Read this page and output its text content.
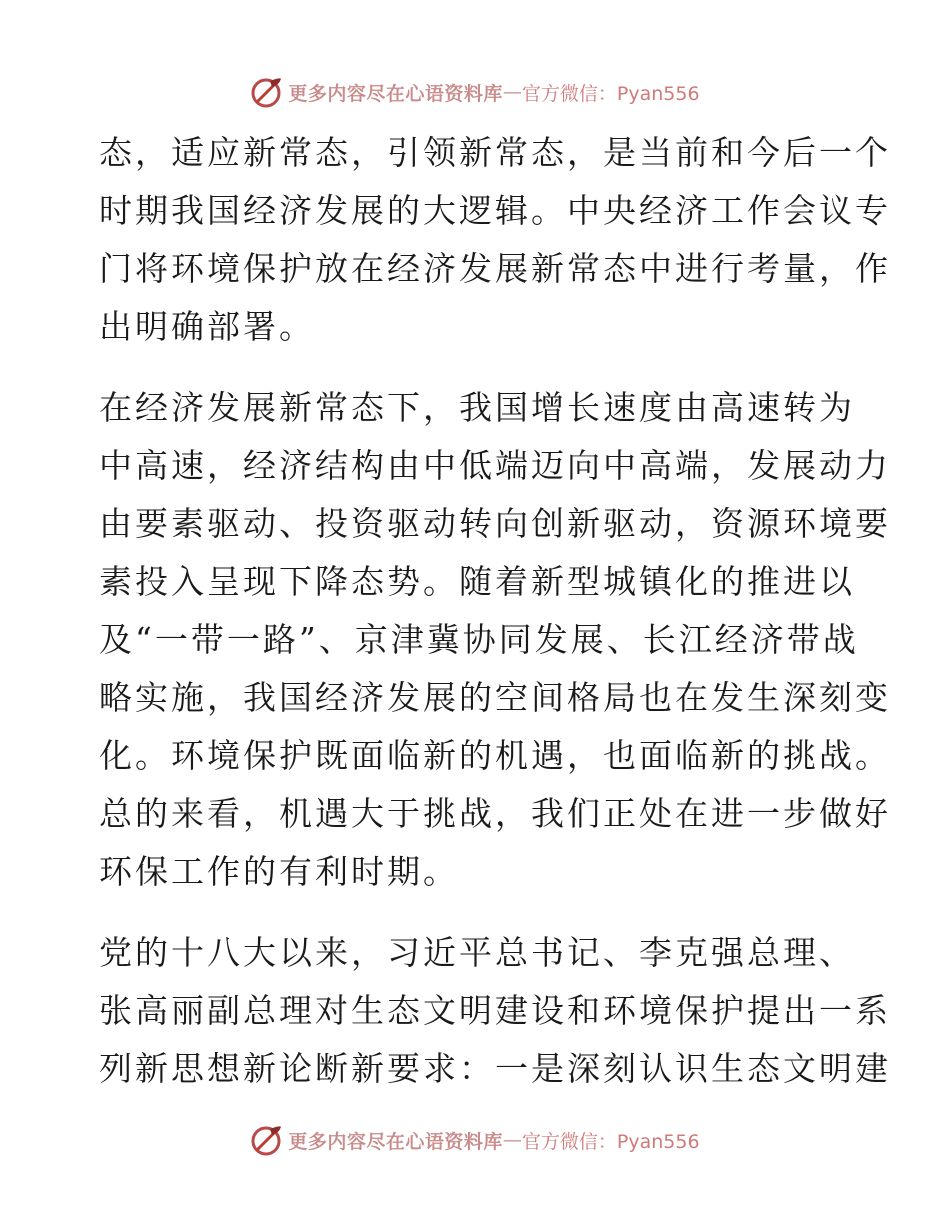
更多内容尽在心语资料库 — 官方微信：Pyan556
态，适应新常态，引领新常态，是当前和今后一个
时期我国经济发展的大逻辑。中央经济工作会议专
门将环境保护放在经济发展新常态中进行考量，作
出明确部署。
在经济发展新常态下，我国增长速度由高速转为
中高速，经济结构由中低端迈向中高端，发展动力
由要素驱动、投资驱动转向创新驱动，资源环境要
素投入呈现下降态势。随着新型城镇化的推进以
及“一带一路”、京津冀协同发展、长江经济带战
略实施，我国经济发展的空间格局也在发生深刻变
化。环境保护既面临新的机遇，也面临新的挑战。
总的来看，机遇大于挑战，我们正处在进一步做好
环保工作的有利时期。
党的十八大以来，习近平总书记、李克强总理、
张高丽副总理对生态文明建设和环境保护提出一系
列新思想新论断新要求：一是深刻认识生态文明建
更多内容尽在心语资料库 — 官方微信：Pyan556
